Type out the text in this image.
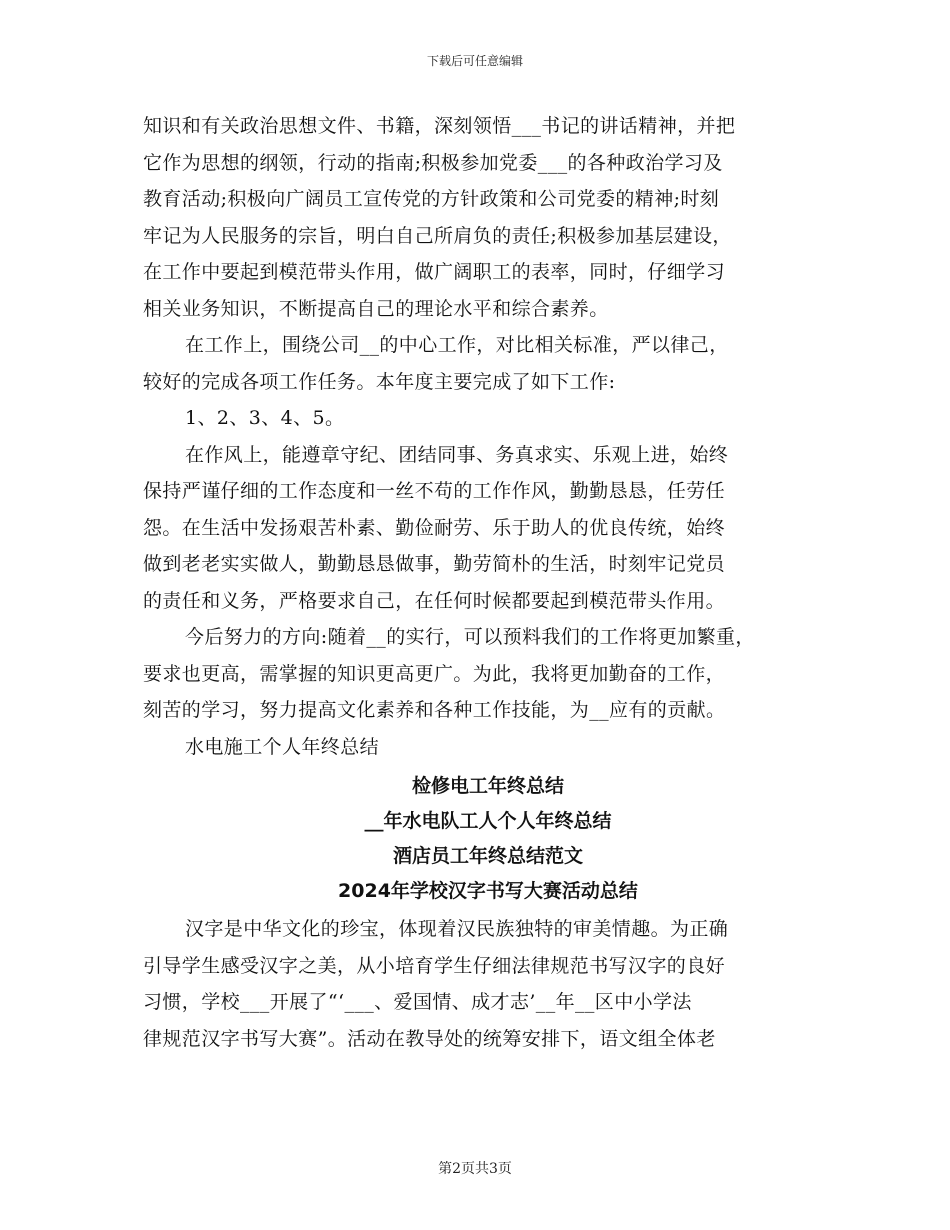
下载后可任意编辑
知识和有关政治思想文件、书籍，深刻领悟___书记的讲话精神，并把
它作为思想的纲领，行动的指南;积极参加党委___的各种政治学习及
教育活动;积极向广阔员工宣传党的方针政策和公司党委的精神;时刻
牢记为人民服务的宗旨，明白自己所肩负的责任;积极参加基层建设，
在工作中要起到模范带头作用，做广阔职工的表率，同时，仔细学习
相关业务知识，不断提高自己的理论水平和综合素养。
在工作上，围绕公司__的中心工作，对比相关标准，严以律己，
较好的完成各项工作任务。本年度主要完成了如下工作:
1、2、3、4、5。
在作风上，能遵章守纪、团结同事、务真求实、乐观上进，始终
保持严谨仔细的工作态度和一丝不苟的工作作风，勤勤恳恳，任劳任
怨。在生活中发扬艰苦朴素、勤俭耐劳、乐于助人的优良传统，始终
做到老老实实做人，勤勤恳恳做事，勤劳简朴的生活，时刻牢记党员
的责任和义务，严格要求自己，在任何时候都要起到模范带头作用。
今后努力的方向:随着__的实行，可以预料我们的工作将更加繁重，
要求也更高，需掌握的知识更高更广。为此，我将更加勤奋的工作，
刻苦的学习，努力提高文化素养和各种工作技能，为__应有的贡献。
水电施工个人年终总结
检修电工年终总结
__年水电队工人个人年终总结
酒店员工年终总结范文
2024年学校汉字书写大赛活动总结
汉字是中华文化的珍宝，体现着汉民族独特的审美情趣。为正确
引导学生感受汉字之美，从小培育学生仔细法律规范书写汉字的良好
习惯，学校___开展了“‘___、爱国情、成才志’__年__区中小学法
律规范汉字书写大赛”。活动在教导处的统筹安排下，语文组全体老
第2页共3页
